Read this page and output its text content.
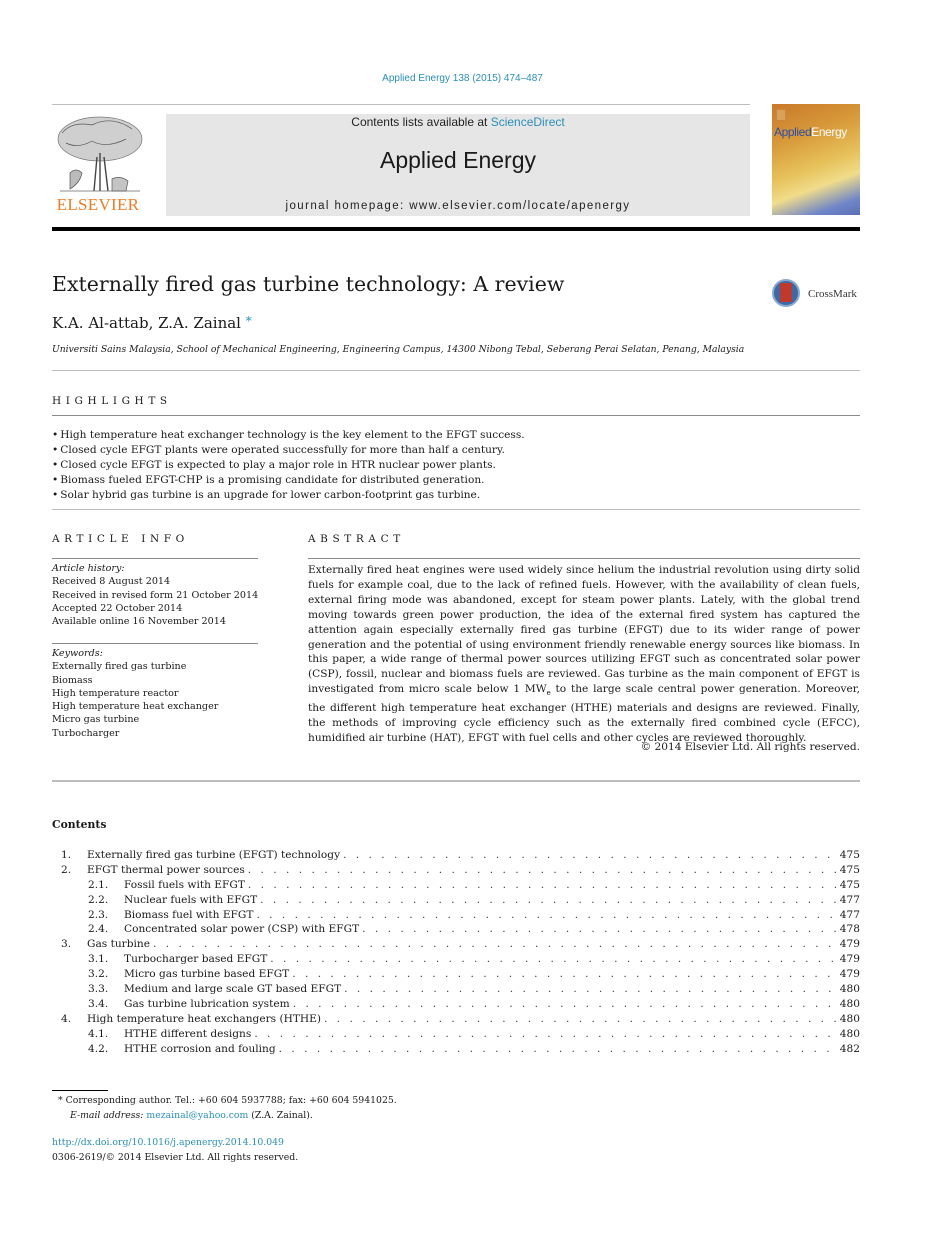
Applied Energy 138 (2015) 474–487
ELSEVIER
Contents lists available at ScienceDirect
Applied Energy
journal homepage: www.elsevier.com/locate/apenergy
AppliedEnergy
Externally fired gas turbine technology: A review	CrossMark
K.A. Al-attab, Z.A. Zainal *
Universiti Sains Malaysia, School of Mechanical Engineering, Engineering Campus, 14300 Nibong Tebal, Seberang Perai Selatan, Penang, Malaysia
HIGHLIGHTS
• High temperature heat exchanger technology is the key element to the EFGT success.
• Closed cycle EFGT plants were operated successfully for more than half a century.
• Closed cycle EFGT is expected to play a major role in HTR nuclear power plants.
• Biomass fueled EFGT-CHP is a promising candidate for distributed generation.
• Solar hybrid gas turbine is an upgrade for lower carbon-footprint gas turbine.
ARTICLE INFO
Article history:
Received 8 August 2014
Received in revised form 21 October 2014
Accepted 22 October 2014
Available online 16 November 2014
Keywords:
Externally fired gas turbine
Biomass
High temperature reactor
High temperature heat exchanger
Micro gas turbine
Turbocharger
ABSTRACT
Externally fired heat engines were used widely since helium the industrial revolution using dirty solid fuels for example coal, due to the lack of refined fuels. However, with the availability of clean fuels, external firing mode was abandoned, except for steam power plants. Lately, with the global trend moving towards green power production, the idea of the external fired system has captured the attention again especially externally fired gas turbine (EFGT) due to its wider range of power generation and the potential of using environment friendly renewable energy sources like biomass. In this paper, a wide range of thermal power sources utilizing EFGT such as concentrated solar power (CSP), fossil, nuclear and biomass fuels are reviewed. Gas turbine as the main component of EFGT is investigated from micro scale below 1 $MW_e$ to the large scale central power generation. Moreover, the different high temperature heat exchanger (HTHE) materials and designs are reviewed. Finally, the methods of improving cycle efficiency such as the externally fired combined cycle (EFCC), humidified air turbine (HAT), EFGT with fuel cells and other cycles are reviewed thoroughly.
© 2014 Elsevier Ltd. All rights reserved.
Contents
1.	Externally fired gas turbine (EFGT) technology . . .	475
2.	EFGT thermal power sources . . .	475
2.1.	Fossil fuels with EFGT . . .	475
2.2.	Nuclear fuels with EFGT . . .	477
2.3.	Biomass fuel with EFGT . . .	477
2.4.	Concentrated solar power (CSP) with EFGT . . .	478
3.	Gas turbine . . .	479
3.1.	Turbocharger based EFGT . . .	479
3.2.	Micro gas turbine based EFGT . . .	479
3.3.	Medium and large scale GT based EFGT . . .	480
3.4.	Gas turbine lubrication system . . .	480
4.	High temperature heat exchangers (HTHE) . . .	480
4.1.	HTHE different designs . . .	480
4.2.	HTHE corrosion and fouling . . .	482
* Corresponding author. Tel.: +60 604 5937788; fax: +60 604 5941025.
E-mail address: mezainal@yahoo.com (Z.A. Zainal).
http://dx.doi.org/10.1016/j.apenergy.2014.10.049
0306-2619/© 2014 Elsevier Ltd. All rights reserved.
